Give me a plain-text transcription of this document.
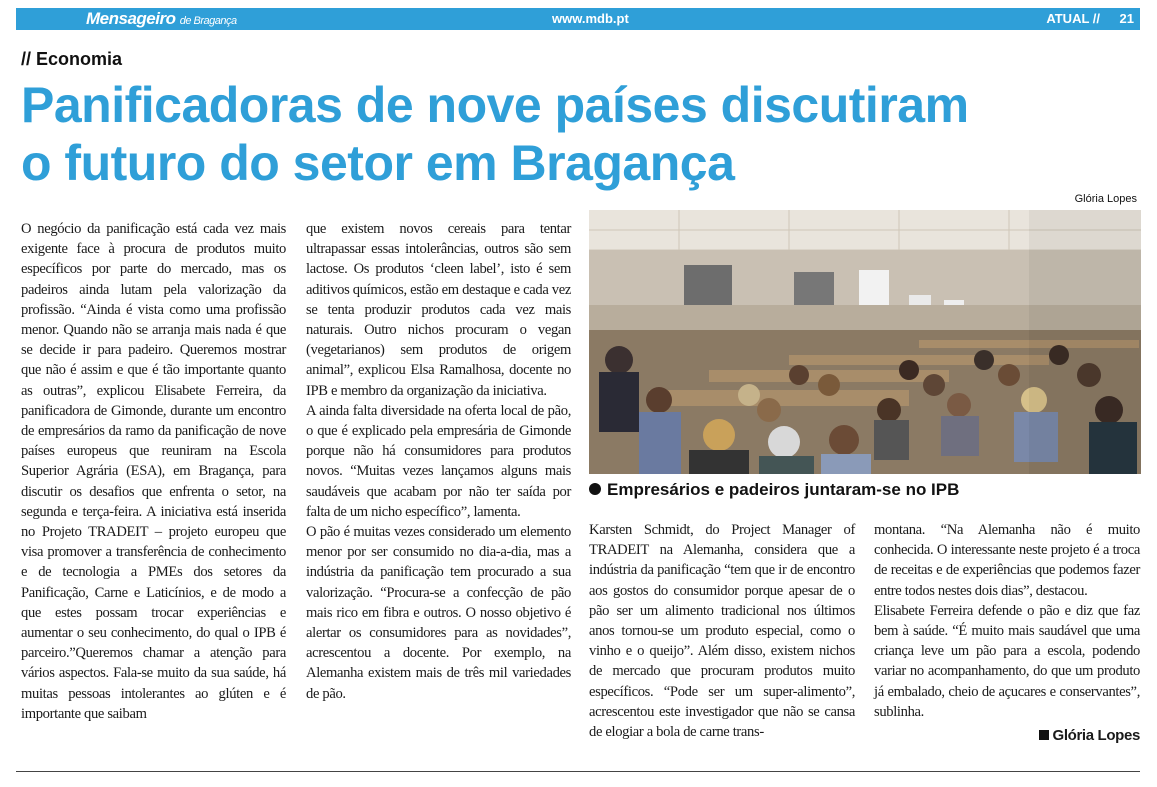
Mensageiro de Bragança	www.mdb.pt	ATUAL // 21
// Economia
Panificadoras de nove países discutiram
o futuro do setor em Bragança
Glória Lopes
Empresários e padeiros juntaram-se no IPB

O negócio da panificação está cada vez mais exigente face à procura de produtos muito específicos por parte do mercado, mas os padeiros ainda lutam pela valorização da profissão. “Ainda é vista como uma profissão menor. Quando não se arranja mais nada é que se decide ir para padeiro. Queremos mostrar que não é assim e que é tão importante quanto as outras”, explicou Elisabete Ferreira, da panificadora de Gimonde, durante um encontro de empresários da ramo da panificação de nove países europeus que reuniram na Escola Superior Agrária (ESA), em Bragança, para discutir os desafios que enfrenta o setor, na segunda e terça-feira. A iniciativa está inserida no Projeto TRADEIT – projeto europeu que visa promover a transferência de conhecimento e de tecnologia a PMEs dos setores da Panificação, Carne e Laticínios, e de modo a que estes possam trocar experiências e aumentar o seu conhecimento, do qual o IPB é parceiro.”Queremos chamar a atenção para vários aspectos. Fala-se muito da sua saúde, há muitas pessoas intolerantes ao glúten e é importante que saibam

que existem novos cereais para tentar ultrapassar essas intolerâncias, outros são sem lactose. Os produtos ‘cleen label’, isto é sem aditivos químicos, estão em destaque e cada vez se tenta produzir produtos cada vez mais naturais. Outro nichos procuram o vegan (vegetarianos) sem produtos de origem animal”, explicou Elsa Ramalhosa, docente no IPB e membro da organização da iniciativa.

A ainda falta diversidade na oferta local de pão, o que é explicado pela empresária de Gimonde porque não há consumidores para produtos novos. “Muitas vezes lançamos alguns mais saudáveis que acabam por não ter saída por falta de um nicho específico”, lamenta.

O pão é muitas vezes considerado um elemento menor por ser consumido no dia-a-dia, mas a indústria da panificação tem procurado a sua valorização. “Procura-se a confecção de pão mais rico em fibra e outros. O nosso objetivo é alertar os consumidores para as novidades”, acrescentou a docente. Por exemplo, na Alemanha existem mais de três mil variedades de pão.

Karsten Schmidt, do Project Manager of TRADEIT na Alemanha, considera que a indústria da panificação “tem que ir de encontro aos gostos do consumidor porque apesar de o pão ser um alimento tradicional nos últimos anos tornou-se um produto especial, como o vinho e o queijo”. Além disso, existem nichos de mercado que procuram produtos muito específicos. “Pode ser um super-alimento”, acrescentou este investigador que não se cansa de elogiar a bola de carne trans-

montana. “Na Alemanha não é muito conhecida. O interessante neste projeto é a troca de receitas e de experiências que podemos fazer entre todos nestes dois dias”, destacou.

Elisabete Ferreira defende o pão e diz que faz bem à saúde. “É muito mais saudável que uma criança leve um pão para a escola, podendo variar no acompanhamento, do que um produto já embalado, cheio de açucares e conservantes”, sublinha.

Glória Lopes
